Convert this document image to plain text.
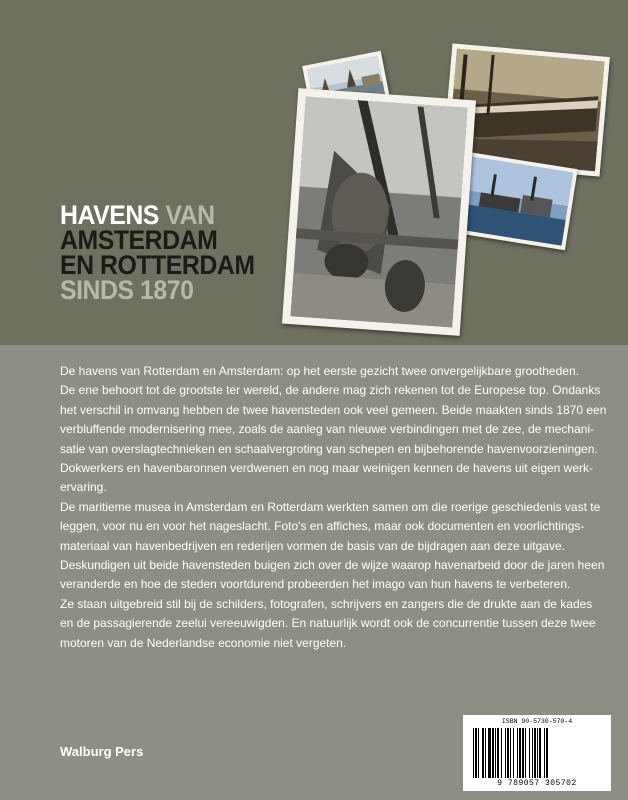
HAVENS VAN
AMSTERDAM
EN ROTTERDAM
SINDS 1870

De havens van Rotterdam en Amsterdam: op het eerste gezicht twee onvergelijkbare grootheden.

De ene behoort tot de grootste ter wereld, de andere mag zich rekenen tot de Europese top. Ondanks

het verschil in omvang hebben de twee havensteden ook veel gemeen. Beide maakten sinds 1870 een

verbluffende modernisering mee, zoals de aanleg van nieuwe verbindingen met de zee, de mechani-

satie van overslagtechnieken en schaalvergroting van schepen en bijbehorende havenvoorzieningen.

Dokwerkers en havenbaronnen verdwenen en nog maar weinigen kennen de havens uit eigen werk-

ervaring.

De maritieme musea in Amsterdam en Rotterdam werkten samen om die roerige geschiedenis vast te

leggen, voor nu en voor het nageslacht. Foto's en affiches, maar ook documenten en voorlichtings-

materiaal van havenbedrijven en rederijen vormen de basis van de bijdragen aan deze uitgave.

Deskundigen uit beide havensteden buigen zich over de wijze waarop havenarbeid door de jaren heen

veranderde en hoe de steden voortdurend probeerden het imago van hun havens te verbeteren.

Ze staan uitgebreid stil bij de schilders, fotografen, schrijvers en zangers die de drukte aan de kades

en de passagierende zeelui vereeuwigden. En natuurlijk wordt ook de concurrentie tussen deze twee

motoren van de Nederlandse economie niet vergeten.

Walburg Pers
ISBN 90-5730-570-4
9 789057 305702
